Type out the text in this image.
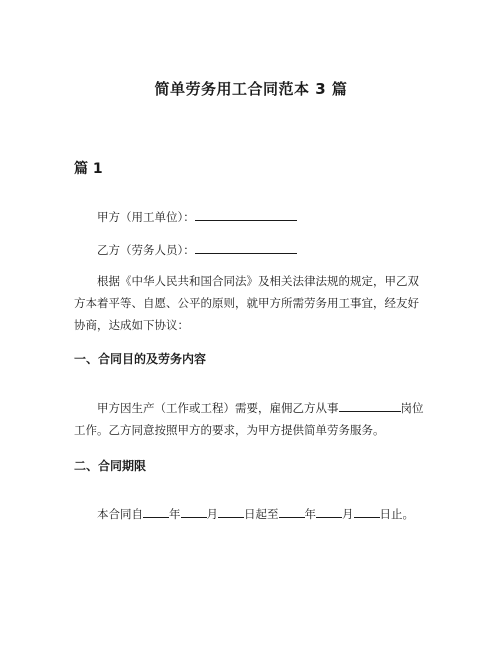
简单劳务用工合同范本 3 篇
篇 1

甲方（用工单位）：

乙方（劳务人员）：

根据《中华人民共和国合同法》及相关法律法规的规定，甲乙双方本着平等、自愿、公平的原则，就甲方所需劳务用工事宜，经友好协商，达成如下协议：

一、合同目的及劳务内容

甲方因生产（工作或工程）需要，雇佣乙方从事	岗位工作。乙方同意按照甲方的要求，为甲方提供简单劳务服务。

二、合同期限

本合同自 年 月 日起至 年 月 日止。
